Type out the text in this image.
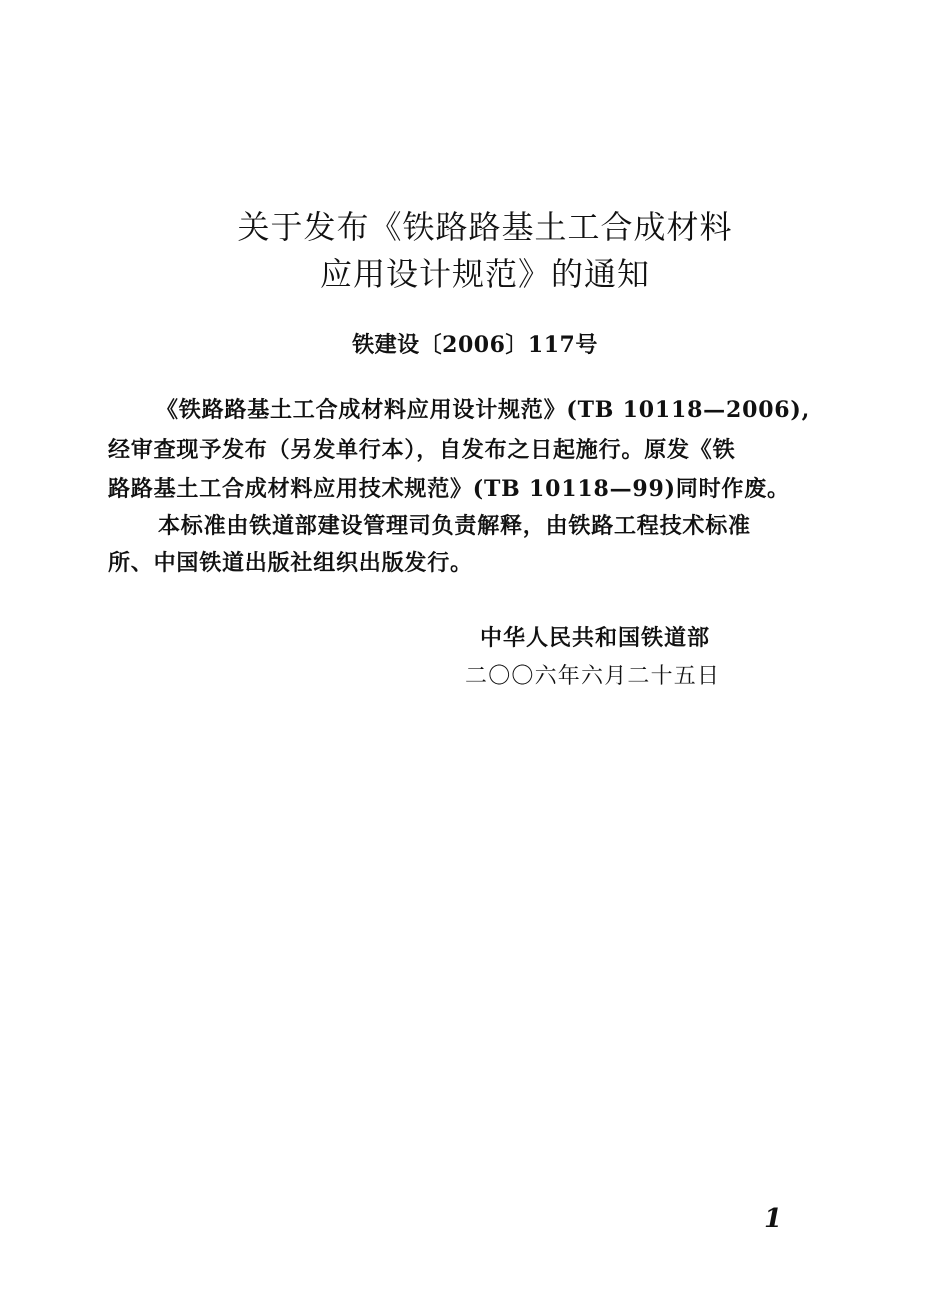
关于发布《铁路路基土工合成材料
应用设计规范》的通知
铁建设〔2006〕117号
《铁路路基土工合成材料应用设计规范》(TB 10118—2006),
经审查现予发布（另发单行本），自发布之日起施行。原发《铁
路路基土工合成材料应用技术规范》(TB 10118—99)同时作废。
本标准由铁道部建设管理司负责解释，由铁路工程技术标准
所、中国铁道出版社组织出版发行。
中华人民共和国铁道部
二〇〇六年六月二十五日
1
